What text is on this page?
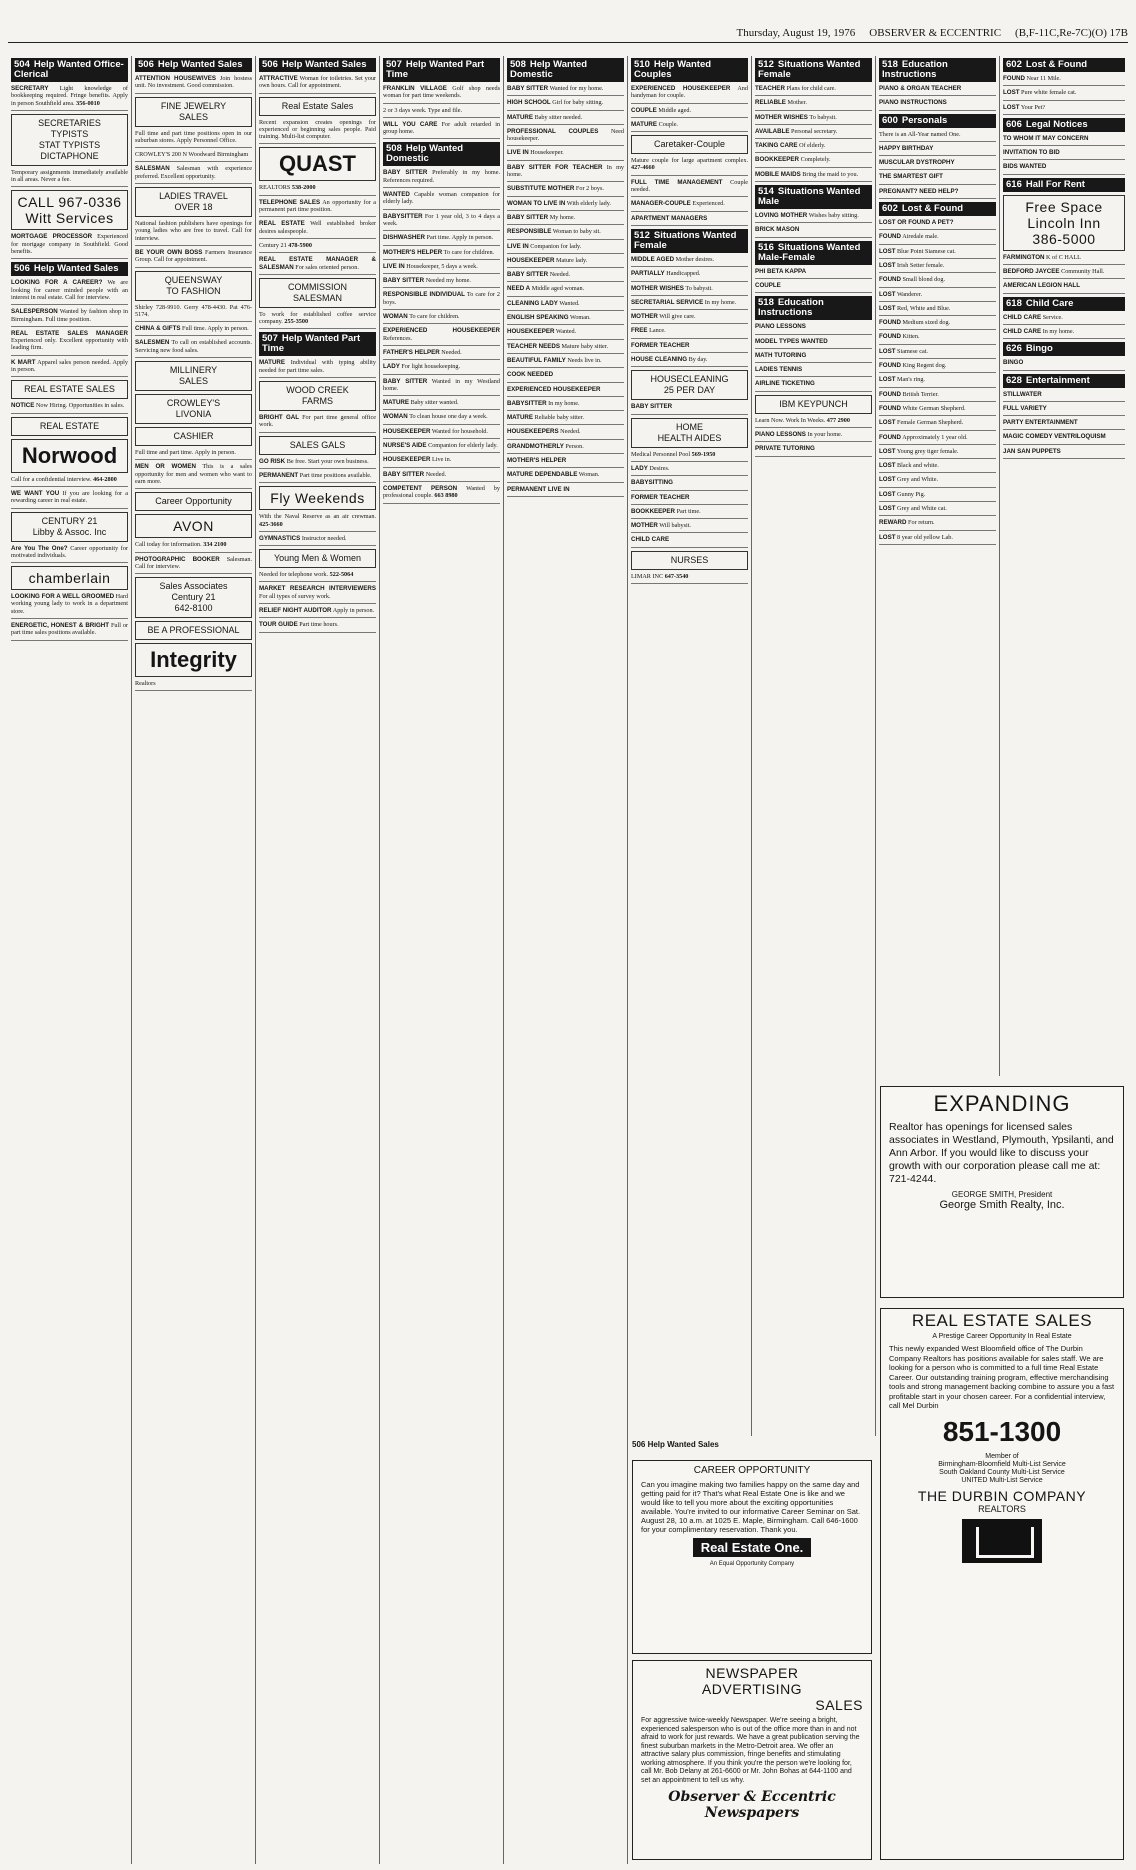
Thursday, August 19, 1976 OBSERVER & ECCENTRIC (B,F-11C,Re-7C)(O) 17B
504 Help Wanted Office-Clerical
SECRETARY Light knowledge of bookkeeping required. Fringe benefits. Apply in person Southfield area. 356-0010
SECRETARIES
TYPISTS
STAT TYPISTS
DICTAPHONE
Temporary assignments immediately available in all areas. Never a fee.
CALL 967-0336
Witt Services
MORTGAGE PROCESSOR Experienced for mortgage company in Southfield. Good benefits.
506 Help Wanted Sales
LOOKING FOR A CAREER? We are looking for career minded people with an interest in real estate. Call for interview.
SALESPERSON Wanted by fashion shop in Birmingham. Full time position.
REAL ESTATE SALES MANAGER Experienced only. Excellent opportunity with leading firm.
K MART Apparel sales person needed. Apply in person.
REAL ESTATE SALES
NOTICE Now Hiring. Opportunities in sales.
REAL ESTATE
Norwood
Call for a confidential interview. 464-2800
WE WANT YOU If you are looking for a rewarding career in real estate.
CENTURY 21
Libby & Assoc. Inc
Are You The One? Career opportunity for motivated individuals.
chamberlain
LOOKING FOR A WELL GROOMED Hard working young lady to work in a department store.
ENERGETIC, HONEST & BRIGHT Full or part time sales positions available.
506 Help Wanted Sales
ATTENTION HOUSEWIVES Join hostess unit. No investment. Good commission.
FINE JEWELRY
SALES
Full time and part time positions open in our suburban stores. Apply Personnel Office.
CROWLEY'S 200 N Woodward Birmingham
SALESMAN Salesman with experience preferred. Excellent opportunity.
LADIES TRAVEL
OVER 18
National fashion publishers have openings for young ladies who are free to travel. Call for interview.
BE YOUR OWN BOSS Farmers Insurance Group. Call for appointment.
QUEENSWAY
TO FASHION
Shirley 728-9910. Gerry 478-4430. Pat 476-5174.
CHINA & GIFTS Full time. Apply in person.
SALESMEN To call on established accounts. Servicing new food sales.
MILLINERY
SALES
CROWLEY'S
LIVONIA
CASHIER
Full time and part time. Apply in person.
MEN OR WOMEN This is a sales opportunity for men and women who want to earn more.
Career Opportunity
AVON
Call today for information. 334 2100
PHOTOGRAPHIC BOOKER Salesman. Call for interview.
Sales Associates
Century 21
642-8100
BE A PROFESSIONAL
Integrity
Realtors
506 Help Wanted Sales
ATTRACTIVE Woman for toiletries. Set your own hours. Call for appointment.
Real Estate Sales
Recent expansion creates openings for experienced or beginning sales people. Paid training. Multi-list computer.
QUAST
REALTORS 538-2000
TELEPHONE SALES An opportunity for a permanent part time position.
REAL ESTATE Well established broker desires salespeople.
Century 21 478-5900
REAL ESTATE MANAGER & SALESMAN For sales oriented person.
COMMISSION
SALESMAN
To work for established coffee service company. 255-3500
507 Help Wanted Part Time
MATURE Individual with typing ability needed for part time sales.
WOOD CREEK
FARMS
BRIGHT GAL For part time general office work.
SALES GALS
GO RISK Be free. Start your own business.
PERMANENT Part time positions available.
Fly Weekends
With the Naval Reserve as an air crewman. 425-3660
GYMNASTICS Instructor needed.
Young Men & Women
Needed for telephone work. 522-5064
MARKET RESEARCH INTERVIEWERS For all types of survey work.
RELIEF NIGHT AUDITOR Apply in person.
TOUR GUIDE Part time hours.
507 Help Wanted Part Time
FRANKLIN VILLAGE Golf shop needs woman for part time weekends.
2 or 3 days week. Type and file.
WILL YOU CARE For adult retarded in group home.
508 Help Wanted Domestic
BABY SITTER Preferably in my home. References required.
WANTED Capable woman companion for elderly lady.
BABYSITTER For 1 year old, 3 to 4 days a week.
DISHWASHER Part time. Apply in person.
MOTHER'S HELPER To care for children.
LIVE IN Housekeeper, 5 days a week.
BABY SITTER Needed my home.
RESPONSIBLE INDIVIDUAL To care for 2 boys.
WOMAN To care for children.
EXPERIENCED HOUSEKEEPER References.
FATHER'S HELPER Needed.
LADY For light housekeeping.
BABY SITTER Wanted in my Westland home.
MATURE Baby sitter wanted.
WOMAN To clean house one day a week.
HOUSEKEEPER Wanted for household.
NURSE'S AIDE Companion for elderly lady.
HOUSEKEEPER Live in.
BABY SITTER Needed.
COMPETENT PERSON Wanted by professional couple. 663 8980
508 Help Wanted Domestic
BABY SITTER Wanted for my home.
HIGH SCHOOL Girl for baby sitting.
MATURE Baby sitter needed.
PROFESSIONAL COUPLES Need housekeeper.
LIVE IN Housekeeper.
BABY SITTER FOR TEACHER In my home.
SUBSTITUTE MOTHER For 2 boys.
WOMAN TO LIVE IN With elderly lady.
BABY SITTER My home.
RESPONSIBLE Woman to baby sit.
LIVE IN Companion for lady.
HOUSEKEEPER Mature lady.
BABY SITTER Needed.
NEED A Middle aged woman.
CLEANING LADY Wanted.
ENGLISH SPEAKING Woman.
HOUSEKEEPER Wanted.
TEACHER NEEDS Mature baby sitter.
BEAUTIFUL FAMILY Needs live in.
COOK NEEDED
EXPERIENCED HOUSEKEEPER
BABYSITTER In my home.
MATURE Reliable baby sitter.
HOUSEKEEPERS Needed.
GRANDMOTHERLY Person.
MOTHER'S HELPER
MATURE DEPENDABLE Woman.
PERMANENT LIVE IN
510 Help Wanted Couples
EXPERIENCED HOUSEKEEPER And handyman for couple.
COUPLE Middle aged.
MATURE Couple.
Caretaker-Couple
Mature couple for large apartment complex. 427-4660
FULL TIME MANAGEMENT Couple needed.
MANAGER-COUPLE Experienced.
APARTMENT MANAGERS
512 Situations Wanted Female
MIDDLE AGED Mother desires.
PARTIALLY Handicapped.
MOTHER WISHES To babysit.
SECRETARIAL SERVICE In my home.
MOTHER Will give care.
FREE Lance.
FORMER TEACHER
HOUSE CLEANING By day.
HOUSECLEANING
25 PER DAY
BABY SITTER
HOME
HEALTH AIDES
Medical Personnel Pool 569-1950
LADY Desires.
BABYSITTING
FORMER TEACHER
BOOKKEEPER Part time.
MOTHER Will babysit.
CHILD CARE
NURSES
LIMAR INC 647-3540
512 Situations Wanted Female
TEACHER Plans for child care.
RELIABLE Mother.
MOTHER WISHES To babysit.
AVAILABLE Personal secretary.
TAKING CARE Of elderly.
BOOKKEEPER Completely.
MOBILE MAIDS Bring the maid to you.
514 Situations Wanted Male
LOVING MOTHER Wishes baby sitting.
BRICK MASON
516 Situations Wanted Male-Female
PHI BETA KAPPA
COUPLE
518 Education Instructions
PIANO LESSONS
MODEL TYPES WANTED
MATH TUTORING
LADIES TENNIS
AIRLINE TICKETING
IBM KEYPUNCH
Learn Now. Work In Weeks. 477 2900
PIANO LESSONS In your home.
PRIVATE TUTORING
518 Education Instructions
PIANO & ORGAN TEACHER
PIANO INSTRUCTIONS
600 Personals
There is an All-Year named One.
HAPPY BIRTHDAY
MUSCULAR DYSTROPHY
THE SMARTEST GIFT
PREGNANT? NEED HELP?
602 Lost & Found
LOST OR FOUND A PET?
FOUND Airedale male.
LOST Blue Point Siamese cat.
LOST Irish Setter female.
FOUND Small blond dog.
LOST Wanderer.
LOST Red, White and Blue.
FOUND Medium sized dog.
FOUND Kitten.
LOST Siamese cat.
FOUND King Regent dog.
LOST Man's ring.
FOUND British Terrier.
FOUND White German Shepherd.
LOST Female German Shepherd.
FOUND Approximately 1 year old.
LOST Young grey tiger female.
LOST Black and white.
LOST Grey and White.
LOST Gunny Pig.
LOST Grey and White cat.
REWARD For return.
LOST 8 year old yellow Lab.
602 Lost & Found
FOUND Near 11 Mile.
LOST Pure white female cat.
LOST Your Pet?
606 Legal Notices
TO WHOM IT MAY CONCERN
INVITATION TO BID
BIDS WANTED
616 Hall For Rent
Free Space
Lincoln Inn
386-5000
FARMINGTON K of C HALL
BEDFORD JAYCEE Community Hall.
AMERICAN LEGION HALL
618 Child Care
CHILD CARE Service.
CHILD CARE In my home.
626 Bingo
BINGO
628 Entertainment
STILLWATER
FULL VARIETY
PARTY ENTERTAINMENT
MAGIC COMEDY VENTRILOQUISM
JAN SAN PUPPETS
506 Help Wanted Sales

CAREER OPPORTUNITY

Can you imagine making two families happy on the same day and getting paid for it? That's what Real Estate One is like and we would like to tell you more about the exciting opportunities available. You're invited to our informative Career Seminar on Sat. August 28, 10 a.m. at 1025 E. Maple, Birmingham. Call 646-1600 for your complimentary reservation. Thank you.

Real Estate One.

An Equal Opportunity Company

NEWSPAPER

ADVERTISING

SALES

For aggressive twice-weekly Newspaper. We're seeing a bright, experienced salesperson who is out of the office more than in and not afraid to work for just rewards. We have a great publication serving the finest suburban markets in the Metro-Detroit area. We offer an attractive salary plus commission, fringe benefits and stimulating working atmosphere. If you think you're the person we're looking for, call Mr. Bob Delany at 261-6600 or Mr. John Bohas at 644-1100 and set an appointment to tell us why.

Observer & Eccentric Newspapers

EXPANDING

Realtor has openings for licensed sales associates in Westland, Plymouth, Ypsilanti, and Ann Arbor. If you would like to discuss your growth with our corporation please call me at: 721-4244.

GEORGE SMITH, President

George Smith Realty, Inc.

REAL ESTATE SALES

A Prestige Career Opportunity In Real Estate

This newly expanded West Bloomfield office of The Durbin Company Realtors has positions available for sales staff. We are looking for a person who is committed to a full time Real Estate Career. Our outstanding training program, effective merchandising tools and strong management backing combine to assure you a fast profitable start in your chosen career. For a confidential interview, call Mel Durbin

851-1300

Member of

Birmingham-Bloomfield Multi-List Service

South Oakland County Multi-List Service

UNITED Multi-List Service

THE DURBIN COMPANY

REALTORS
